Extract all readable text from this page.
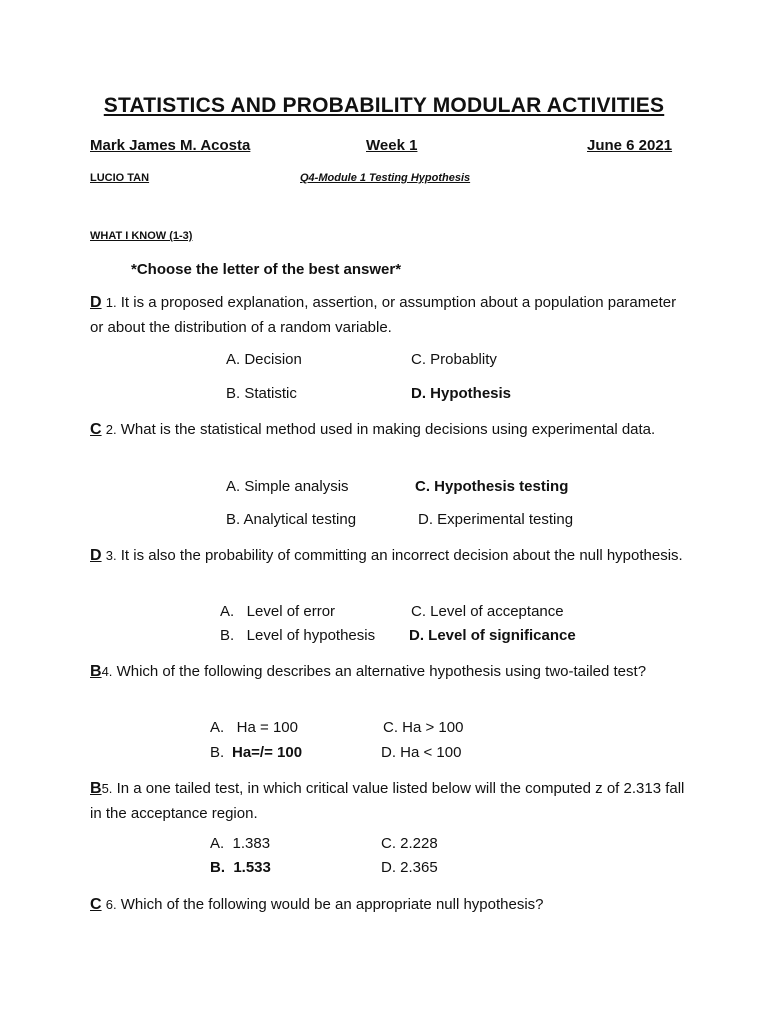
STATISTICS AND PROBABILITY MODULAR ACTIVITIES
Mark James M. Acosta	Week 1	June 6 2021
LUCIO TAN	Q4-Module 1 Testing Hypothesis
WHAT I KNOW (1-3)
*Choose the letter of the best answer*
D 1. It is a proposed explanation, assertion, or assumption about a population parameter or about the distribution of a random variable.
A. Decision	C. Probablity
B. Statistic	D. Hypothesis
C 2. What is the statistical method used in making decisions using experimental data.
A. Simple analysis	C. Hypothesis testing
B. Analytical testing	D. Experimental testing
D 3. It is also the probability of committing an incorrect decision about the null hypothesis.
A.   Level of error	C. Level of acceptance
B.   Level of hypothesis D. Level of significance
B4. Which of the following describes an alternative hypothesis using two-tailed test?
A.   Ha = 100	C. Ha > 100
B. Ha=/= 100	D. Ha < 100
B5. In a one tailed test, in which critical value listed below will the computed z of 2.313 fall in the acceptance region.
A.  1.383	C. 2.228
B.  1.533	D. 2.365
C 6. Which of the following would be an appropriate null hypothesis?
